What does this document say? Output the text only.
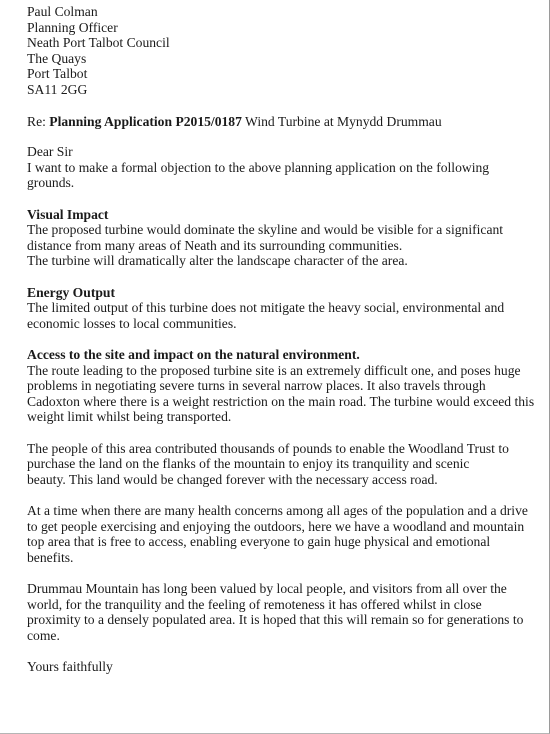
Paul Colman
Planning Officer
Neath Port Talbot Council
The Quays
Port Talbot
SA11 2GG

Re: Planning Application P2015/0187 Wind Turbine at Mynydd Drummau

Dear Sir
I want to make a formal objection to the above planning application on the following
grounds.

Visual Impact
The proposed turbine would dominate the skyline and would be visible for a significant
distance from many areas of Neath and its surrounding communities.
The turbine will dramatically alter the landscape character of the area.
Energy Output
The limited output of this turbine does not mitigate the heavy social, environmental and
economic losses to local communities.
Access to the site and impact on the natural environment.
The route leading to the proposed turbine site is an extremely difficult one, and poses huge
problems in negotiating severe turns in several narrow places. It also travels through
Cadoxton where there is a weight restriction on the main road. The turbine would exceed this
weight limit whilst being transported.
The people of this area contributed thousands of pounds to enable the Woodland Trust to
purchase the land on the flanks of the mountain to enjoy its tranquility and scenic
beauty. This land would be changed forever with the necessary access road.
At a time when there are many health concerns among all ages of the population and a drive
to get people exercising and enjoying the outdoors, here we have a woodland and mountain
top area that is free to access, enabling everyone to gain huge physical and emotional
benefits.
Drummau Mountain has long been valued by local people, and visitors from all over the
world, for the tranquility and the feeling of remoteness it has offered whilst in close
proximity to a densely populated area. It is hoped that this will remain so for generations to
come.

Yours faithfully
